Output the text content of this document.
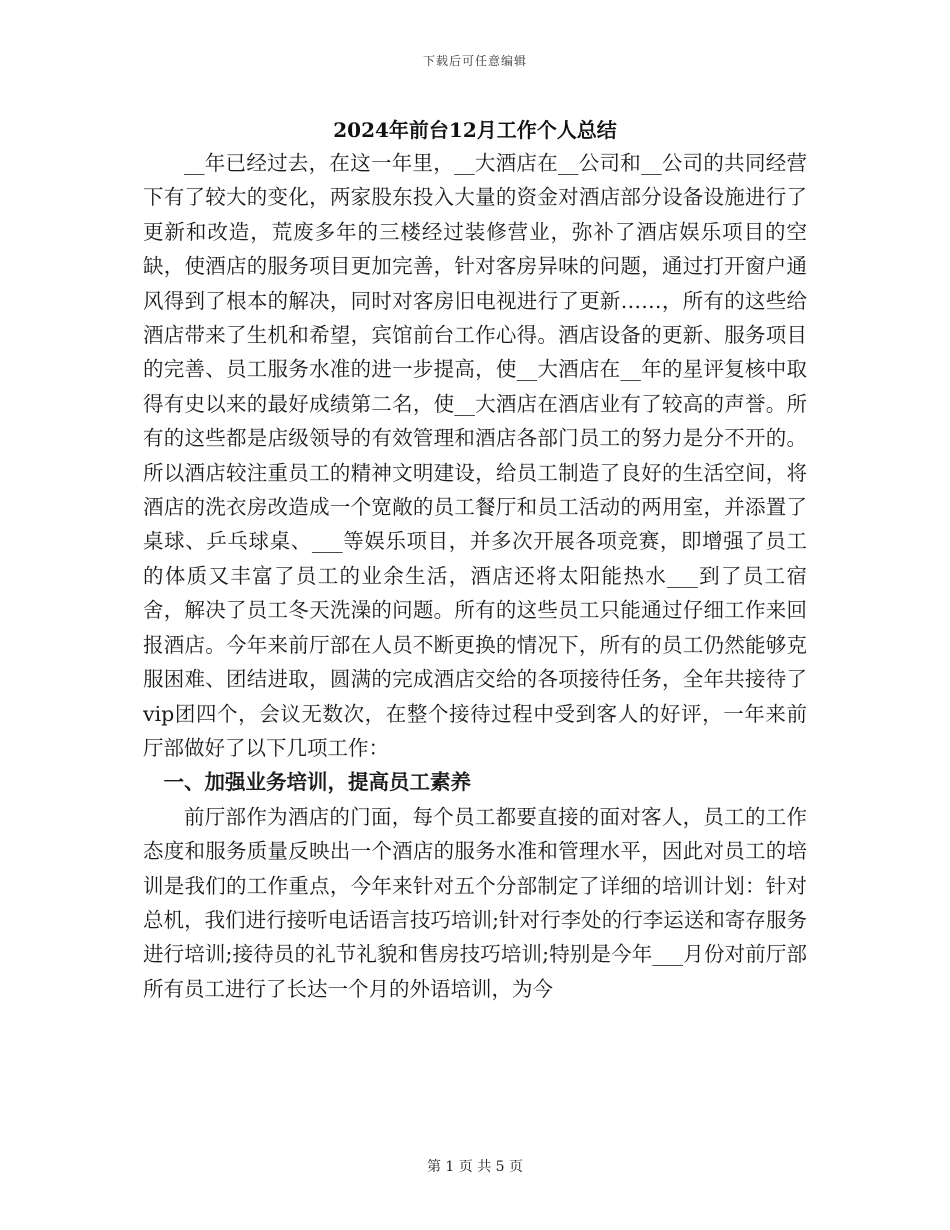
下载后可任意编辑
2024年前台12月工作个人总结

__年已经过去，在这一年里，__大酒店在__公司和__公司的共同经营下有了较大的变化，两家股东投入大量的资金对酒店部分设备设施进行了更新和改造，荒废多年的三楼经过装修营业，弥补了酒店娱乐项目的空缺，使酒店的服务项目更加完善，针对客房异味的问题，通过打开窗户通风得到了根本的解决，同时对客房旧电视进行了更新……，所有的这些给酒店带来了生机和希望，宾馆前台工作心得。酒店设备的更新、服务项目的完善、员工服务水准的进一步提高，使__大酒店在__年的星评复核中取得有史以来的最好成绩第二名，使__大酒店在酒店业有了较高的声誉。所有的这些都是店级领导的有效管理和酒店各部门员工的努力是分不开的。所以酒店较注重员工的精神文明建设，给员工制造了良好的生活空间，将酒店的洗衣房改造成一个宽敞的员工餐厅和员工活动的两用室，并添置了桌球、乒乓球桌、___等娱乐项目，并多次开展各项竞赛，即增强了员工的体质又丰富了员工的业余生活，酒店还将太阳能热水___到了员工宿舍，解决了员工冬天洗澡的问题。所有的这些员工只能通过仔细工作来回报酒店。今年来前厅部在人员不断更换的情况下，所有的员工仍然能够克服困难、团结进取，圆满的完成酒店交给的各项接待任务，全年共接待了vip团四个，会议无数次，在整个接待过程中受到客人的好评，一年来前厅部做好了以下几项工作：

一、加强业务培训，提高员工素养

前厅部作为酒店的门面，每个员工都要直接的面对客人，员工的工作态度和服务质量反映出一个酒店的服务水准和管理水平，因此对员工的培训是我们的工作重点，今年来针对五个分部制定了详细的培训计划：针对总机，我们进行接听电话语言技巧培训;针对行李处的行李运送和寄存服务进行培训;接待员的礼节礼貌和售房技巧培训;特别是今年___月份对前厅部所有员工进行了长达一个月的外语培训，为今

第 1 页 共 5 页
